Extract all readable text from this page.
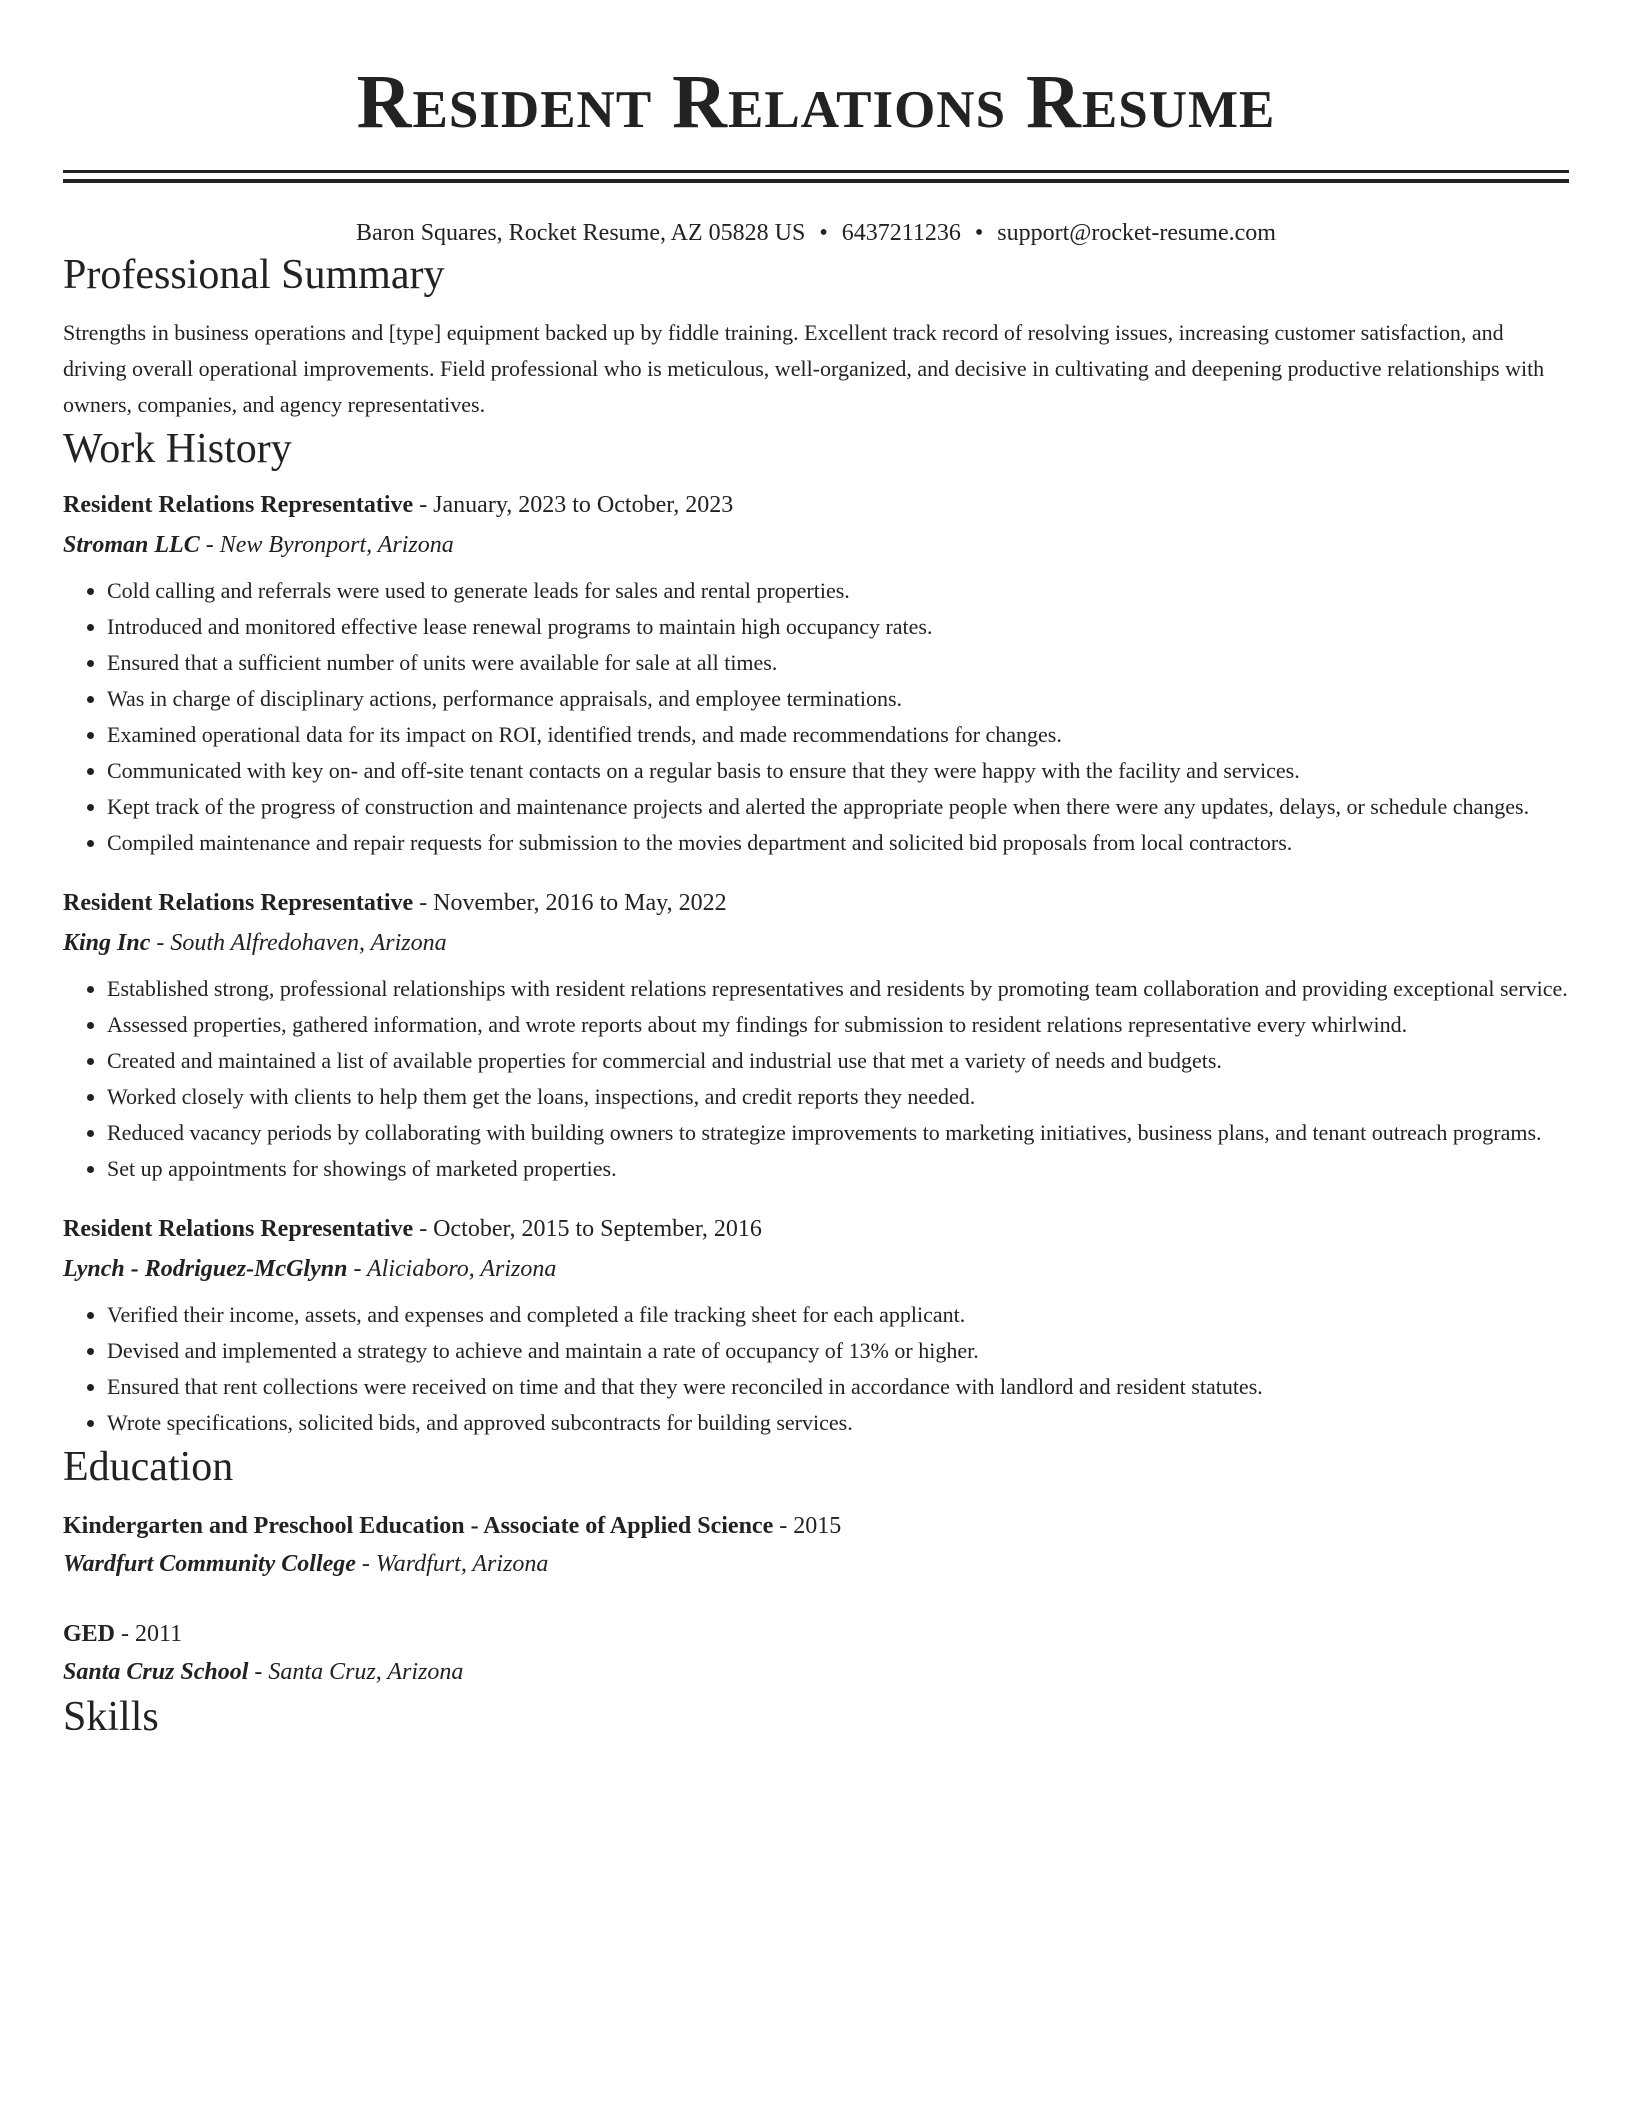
Resident Relations Resume
Baron Squares, Rocket Resume, AZ 05828 US • 6437211236 • support@rocket-resume.com
Professional Summary

Strengths in business operations and [type] equipment backed up by fiddle training. Excellent track record of resolving issues, increasing customer satisfaction, and driving overall operational improvements. Field professional who is meticulous, well-organized, and decisive in cultivating and deepening productive relationships with owners, companies, and agency representatives.

Work History
Resident Relations Representative - January, 2023 to October, 2023
Stroman LLC - New Byronport, Arizona
• Cold calling and referrals were used to generate leads for sales and rental properties.
• Introduced and monitored effective lease renewal programs to maintain high occupancy rates.
• Ensured that a sufficient number of units were available for sale at all times.
• Was in charge of disciplinary actions, performance appraisals, and employee terminations.
• Examined operational data for its impact on ROI, identified trends, and made recommendations for changes.
• Communicated with key on- and off-site tenant contacts on a regular basis to ensure that they were happy with the facility and services.
• Kept track of the progress of construction and maintenance projects and alerted the appropriate people when there were any updates, delays, or schedule changes.
• Compiled maintenance and repair requests for submission to the movies department and solicited bid proposals from local contractors.
Resident Relations Representative - November, 2016 to May, 2022
King Inc - South Alfredohaven, Arizona
• Established strong, professional relationships with resident relations representatives and residents by promoting team collaboration and providing exceptional service.
• Assessed properties, gathered information, and wrote reports about my findings for submission to resident relations representative every whirlwind.
• Created and maintained a list of available properties for commercial and industrial use that met a variety of needs and budgets.
• Worked closely with clients to help them get the loans, inspections, and credit reports they needed.
• Reduced vacancy periods by collaborating with building owners to strategize improvements to marketing initiatives, business plans, and tenant outreach programs.
• Set up appointments for showings of marketed properties.
Resident Relations Representative - October, 2015 to September, 2016
Lynch - Rodriguez-McGlynn - Aliciaboro, Arizona
• Verified their income, assets, and expenses and completed a file tracking sheet for each applicant.
• Devised and implemented a strategy to achieve and maintain a rate of occupancy of 13% or higher.
• Ensured that rent collections were received on time and that they were reconciled in accordance with landlord and resident statutes.
• Wrote specifications, solicited bids, and approved subcontracts for building services.
Education
Kindergarten and Preschool Education - Associate of Applied Science - 2015
Wardfurt Community College - Wardfurt, Arizona
GED - 2011
Santa Cruz School - Santa Cruz, Arizona
Skills
